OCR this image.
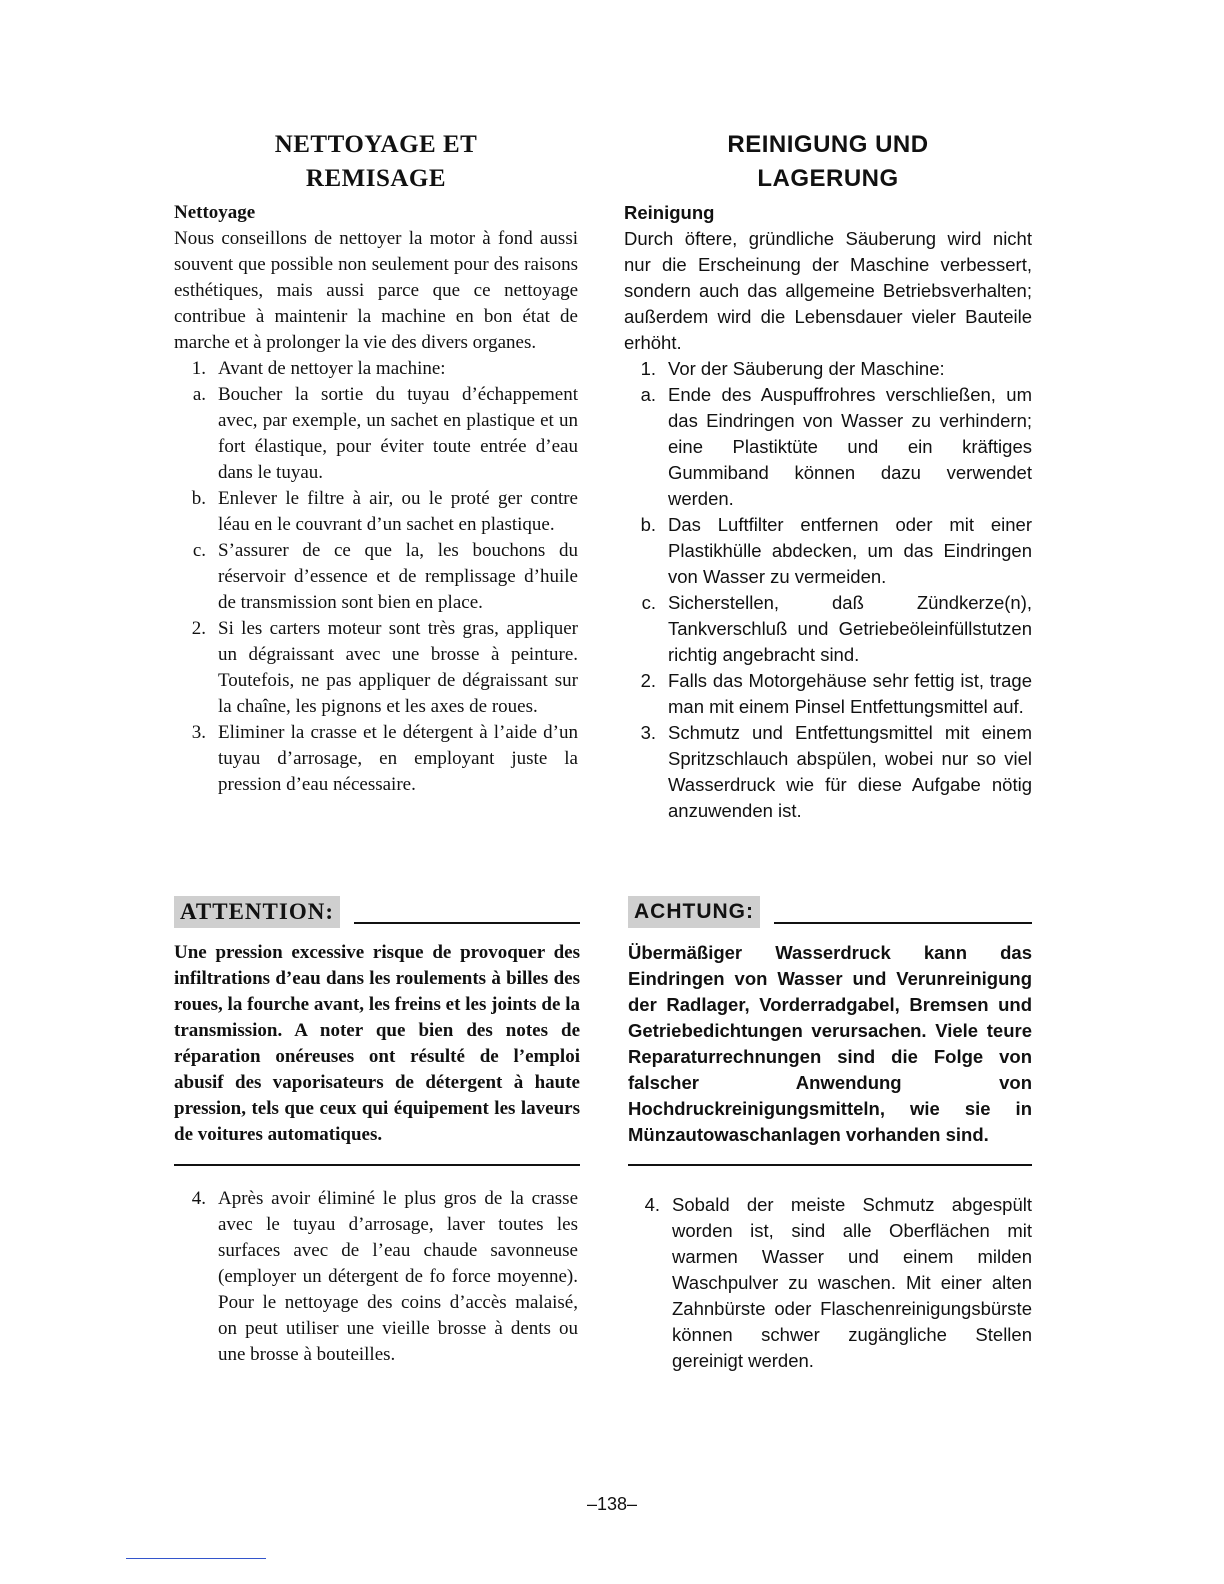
NETTOYAGE ET
REMISAGE

Nettoyage

Nous conseillons de nettoyer la motor à fond aussi souvent que possible non seulement pour des raisons esthétiques, mais aussi parce que ce nettoyage contribue à maintenir la machine en bon état de marche et à prolonger la vie des divers organes.

1. Avant de nettoyer la machine:
a. Boucher la sortie du tuyau d’échappement avec, par exemple, un sachet en plastique et un fort élastique, pour éviter toute entrée d’eau dans le tuyau.
b. Enlever le filtre à air, ou le proté ger contre léau en le couvrant d’un sachet en plastique.
c. S’assurer de ce que la, les bouchons du réservoir d’essence et de remplissage d’huile de transmission sont bien en place.
2. Si les carters moteur sont très gras, appliquer un dégraissant avec une brosse à peinture. Toutefois, ne pas appliquer de dégraissant sur la chaîne, les pignons et les axes de roues.
3. Eliminer la crasse et le détergent à l’aide d’un tuyau d’arrosage, en employant juste la pression d’eau nécessaire.
REINIGUNG UND
LAGERUNG

Reinigung

Durch öftere, gründliche Säuberung wird nicht nur die Erscheinung der Maschine verbessert, sondern auch das allgemeine Betriebsverhalten; außerdem wird die Lebensdauer vieler Bauteile erhöht.

1. Vor der Säuberung der Maschine:
a. Ende des Auspuffrohres verschließen, um das Eindringen von Wasser zu verhindern; eine Plastiktüte und ein kräftiges Gummiband können dazu verwendet werden.
b. Das Luftfilter entfernen oder mit einer Plastikhülle abdecken, um das Eindringen von Wasser zu vermeiden.
c. Sicherstellen, daß Zündkerze(n), Tankverschluß und Getriebeöleinfüllstutzen richtig angebracht sind.
2. Falls das Motorgehäuse sehr fettig ist, trage man mit einem Pinsel Entfettungsmittel auf.
3. Schmutz und Entfettungsmittel mit einem Spritzschlauch abspülen, wobei nur so viel Wasserdruck wie für diese Aufgabe nötig anzuwenden ist.
ATTENTION:

Une pression excessive risque de provoquer des infiltrations d’eau dans les roulements à billes des roues, la fourche avant, les freins et les joints de la transmission. A noter que bien des notes de réparation onéreuses ont résulté de l’emploi abusif des vaporisateurs de détergent à haute pression, tels que ceux qui équipement les laveurs de voitures automatiques.

ACHTUNG:

Übermäßiger Wasserdruck kann das Eindringen von Wasser und Verunreinigung der Radlager, Vorderradgabel, Bremsen und Getriebedichtungen verursachen. Viele teure Reparaturrechnungen sind die Folge von falscher Anwendung von Hochdruckreinigungsmitteln, wie sie in Münzautowaschanlagen vorhanden sind.

4. Après avoir éliminé le plus gros de la crasse avec le tuyau d’arrosage, laver toutes les surfaces avec de l’eau chaude savonneuse (employer un détergent de fo force moyenne). Pour le nettoyage des coins d’accès malaisé, on peut utiliser une vieille brosse à dents ou une brosse à bouteilles.
4. Sobald der meiste Schmutz abgespült worden ist, sind alle Oberflächen mit warmen Wasser und einem milden Waschpulver zu waschen. Mit einer alten Zahnbürste oder Flaschenreinigungsbürste können schwer zugängliche Stellen gereinigt werden.
–138–
